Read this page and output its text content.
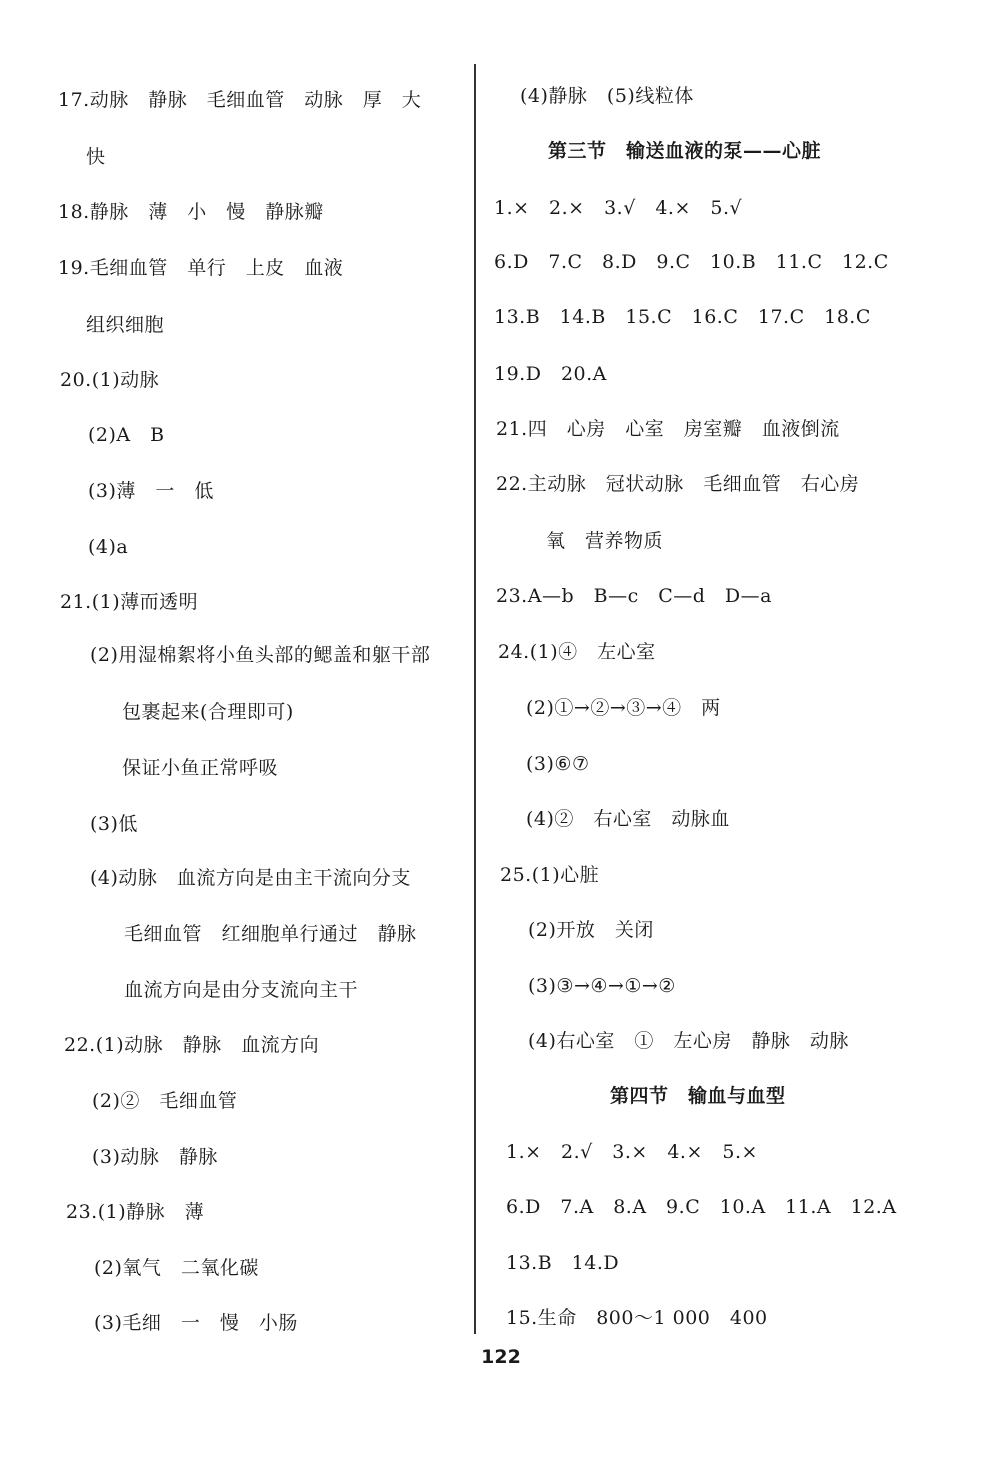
17.动脉　静脉　毛细血管　动脉　厚　大
快
18.静脉　薄　小　慢　静脉瓣
19.毛细血管　单行　上皮　血液
组织细胞
20.(1)动脉
(2)A　B
(3)薄　一　低
(4)a
21.(1)薄而透明
(2)用湿棉絮将小鱼头部的鳃盖和躯干部
包裹起来(合理即可)
保证小鱼正常呼吸
(3)低
(4)动脉　血流方向是由主干流向分支
毛细血管　红细胞单行通过　静脉
血流方向是由分支流向主干
22.(1)动脉　静脉　血流方向
(2)②　毛细血管
(3)动脉　静脉
23.(1)静脉　薄
(2)氧气　二氧化碳
(3)毛细　一　慢　小肠
(4)静脉　(5)线粒体
第三节　输送血液的泵——心脏
1.×　2.×　3.√　4.×　5.√
6.D　7.C　8.D　9.C　10.B　11.C　12.C
13.B　14.B　15.C　16.C　17.C　18.C
19.D　20.A
21.四　心房　心室　房室瓣　血液倒流
22.主动脉　冠状动脉　毛细血管　右心房
氧　营养物质
23.A—b　B—c　C—d　D—a
24.(1)④　左心室
(2)①→②→③→④　两
(3)⑥⑦
(4)②　右心室　动脉血
25.(1)心脏
(2)开放　关闭
(3)③→④→①→②
(4)右心室　①　左心房　静脉　动脉
第四节　输血与血型
1.×　2.√　3.×　4.×　5.×
6.D　7.A　8.A　9.C　10.A　11.A　12.A
13.B　14.D
15.生命　800～1 000　400
122
